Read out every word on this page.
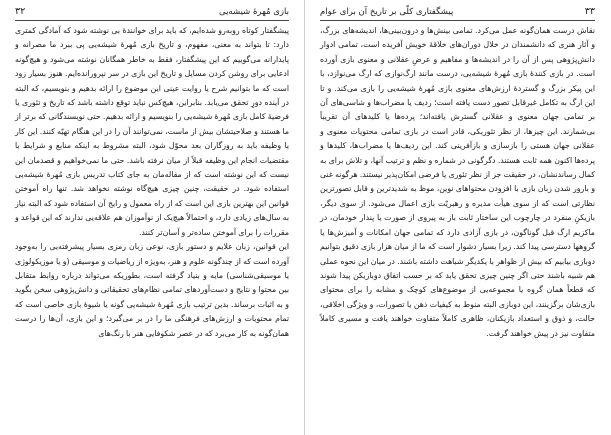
۳۲	بازی مُهرهٔ شیشه‌یی

پیشگفتار کوتاه روبه‌رو شده‌ایم، که باید برای خوانندهٔ بی نوشته شود که آمادگی کمتری دارد: تا بتواند به معنی، مفهوم، و تاریخ بازی مُهرهٔ شیشه‌یی پی ببرد ما مصرانه و پایدارانه می‌گوییم که این پیشگفتار، فقط به خاطر همگانان نوشته می‌شود و هیچ‌گونه ادعایی برای روشن کردن مسایل و تاریخ این بازی در سر نپرورانده‌ایم. هنوز بسیار زود است که ما بتوانیم شرح یا روایت عینی این موضوع را ارائه بدهیم و بنویسیم، که البته در آینده دورِ تحقق می‌یابد. بنابراین، هیچ‌کس نباید توقع داشته باشد که تاریخ و تئوری یا فرضیهٔ کامل بازی مُهرهٔ شیشه‌یی را بنویسیم و ارائه بدهیم. حتی نویسندگانی که برتر از ما هستند و صلاحیتشان بیش از ماست، نمی‌توانند آن را در این هنگام تهیّه کنند. این کار یا وظیفه باید به روزگاران بعد محوّل شود، البته مشروط به اینکه منابع و شرایط یا مقتضیات انجام این وظیفه قبلاً از میان نرفته باشد. حتی ما نمی‌خواهیم و قصدمان این نیست که این نوشته است که از مقاله‌مان به جای کتاب تدریس بازی مُهرهٔ شیشه‌یی استفاده شود. در حقیقت، چنین چیزی هیچ‌گاه نوشته نخواهد شد. تنها راه آموختن قوانین این بهترین بازی این است که از راه معمول و رایج آن استفاده شود که البته نیاز به سال‌های زیادی دارد، و احتمالاً هیچ‌یک از نوآموزان هم علاقه‌یی ندارند که این قواعد و مقررات را برای آموختن ساده‌تر و آسان‌تر کنند.

این قوانین، زبان علایم و دستور بازی، نوعی زبان رمزی بسیار پیشرفته‌یی را به‌وجود آورده است که از چندگونه علوم و هنر، به‌ویژه از ریاضیات و موسیقی (و یا موزیکولوژی یا موسیقی‌شناسی) مایه و بنیاد گرفته است، بطوریکه می‌تواند درباره روابط متقابل بین محتوا و نتایج و دست‌آوردهای تمامی نظام‌های تحقیقاتی و دانش‌پژوهی سخن بگوید و به اثبات برساند. بدین ترتیب بازی مُهرهٔ شیشه‌یی گونه یا شیوهٔ بازی خاصی است که تمام محتویات و ارزش‌های فرهنگی ما را در بر می‌گیرد؛ و این بازی، آن‌ها را درست همان‌گونه به کار می‌برد که در عصر شکوفایی هنر با رنگ‌های

پیشگفتاری کلّی بر تاریخ آن برای عوام	۳۳

نقاش درست همان‌گونه عمل می‌کرد. تمامی بینش‌ها و درون‌بینی‌ها، اندیشه‌های بزرگ، و آثار هنری که دانشمندان در خلال دوران‌های خلاقهٔ خویش آفریده است، تمامی ادوار دانش‌پژوهی پس از آن را در اندیشه‌ها و مفاهیم و عرضِ عقلانی و معنوی بازی آورده است. در بازی کنندهٔ بازی مُهرهٔ شیشه‌یی، درست مانند ارگ‌نوازی که ارگ می‌نوازد، با این پیکر بزرگ و گستردهٔ ارزش‌های معنوی بازی مُهرهٔ شیشه‌یی را بازی می‌کند. و تا این ارگ به تکامل غیرقابل تصور دست یافته است؛ ردیف یا مضراب‌ها و شاسی‌های آن بر تمامی جهان معنوی و عقلانی گسترش یافته‌اند؛ پرده‌ها یا کلیدهای آن تقریباً بی‌شمارند. این چیزها، از نظر تئوریکی، قادر است در بازی تمامی محتویات معنوی و عقلانی جهان هستی را بازسازی و بازآفرینی کند. این ردیف‌ها یا مضراب‌ها، کلیدها و پرده‌ها اکنون همه ثابت هستند. دگرگونی در شماره و نظم و ترتیب آنها، و تلاش برای به کمال رساندنشان، در حقیقت جز از نظر تئوری یا فرضی امکان‌پذیر نیستند. هرگونه غنی و بارور شدن زبان بازی با افزودن محتواهای نوین، موظ به شدیدترین و قابل تصورترین نظارتی است که از سوی هیأت مدیره و رهبریّت بازی اعمال می‌شود. از سوی دیگر، بازیکنِ منفرد در چارچوب این ساختار ثابت باز به پیروی از صورت یا پندار خودمان، در ماکزیم ارگ قبل گوناگون، در بازی آزادی دارد که تمامی جهان امکانات و آمیزش‌ها یا گروهها دسترسی پیدا کند. زیرا بسیار دشوار است که ما از میان هزار بازی دقیق بتوانیم دوبازی بیابیم که بیش از ظواهر با یکدیگر شباهت داشته باشند. در میان این نحوه عملی هم شبیه باشند حتی اگر چنین چیزی تحقق یابد که بر حسب اتفاق دوبازیکن پیدا شوند که قطعاً همان گروه یا مجموعه‌یی از موضوع‌های کوچک و مشابه را برای محتوای بازی‌شان برگزینند، این دوبازی البته منوط به کیفیات ذهن یا تصورات، و ویژگی اخلاقی، حالت، و ذوق و استعداد بازیکنان، ظاهری کاملاً متفاوت خواهند یافت و مسیری کاملاً متفاوت نیز در پیش خواهند گرفت.
